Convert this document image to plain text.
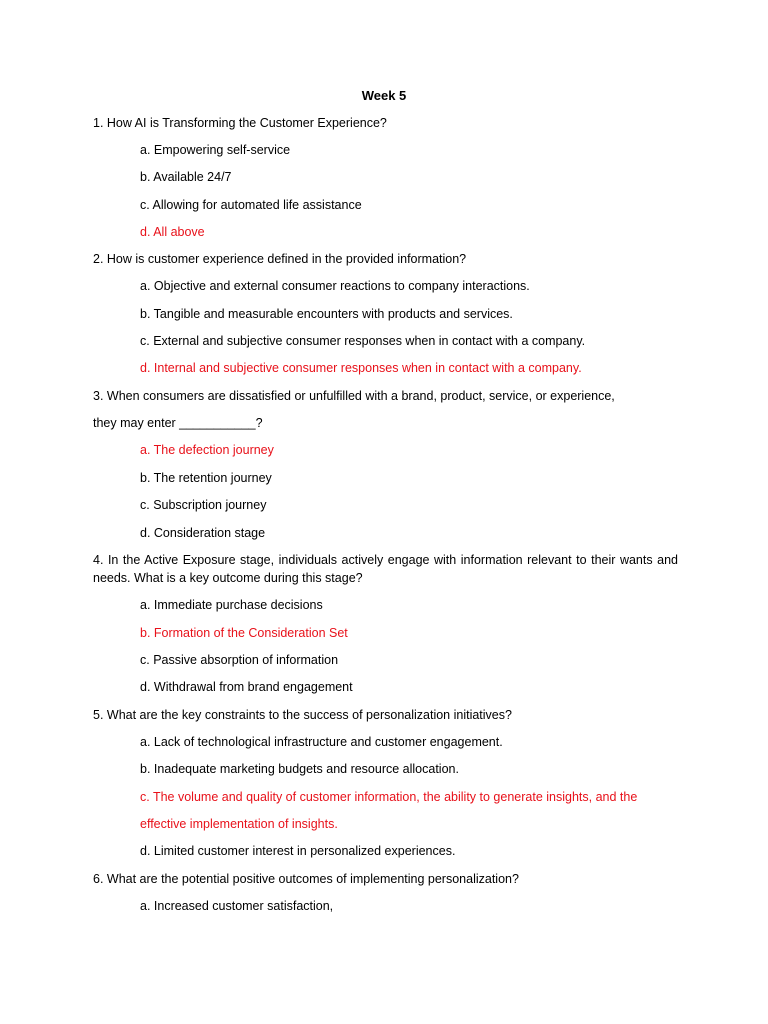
Week 5
1. How AI is Transforming the Customer Experience?
a. Empowering self-service
b. Available 24/7
c. Allowing for automated life assistance
d. All above
2. How is customer experience defined in the provided information?
a. Objective and external consumer reactions to company interactions.
b. Tangible and measurable encounters with products and services.
c. External and subjective consumer responses when in contact with a company.
d. Internal and subjective consumer responses when in contact with a company.
3. When consumers are dissatisfied or unfulfilled with a brand, product, service, or experience,
they may enter ___________?
a. The defection journey
b. The retention journey
c. Subscription journey
d. Consideration stage
4. In the Active Exposure stage, individuals actively engage with information relevant to their wants and needs. What is a key outcome during this stage?
a. Immediate purchase decisions
b. Formation of the Consideration Set
c. Passive absorption of information
d. Withdrawal from brand engagement
5. What are the key constraints to the success of personalization initiatives?
a. Lack of technological infrastructure and customer engagement.
b. Inadequate marketing budgets and resource allocation.
c. The volume and quality of customer information, the ability to generate insights, and the
effective implementation of insights.
d. Limited customer interest in personalized experiences.
6. What are the potential positive outcomes of implementing personalization?
a. Increased customer satisfaction,
